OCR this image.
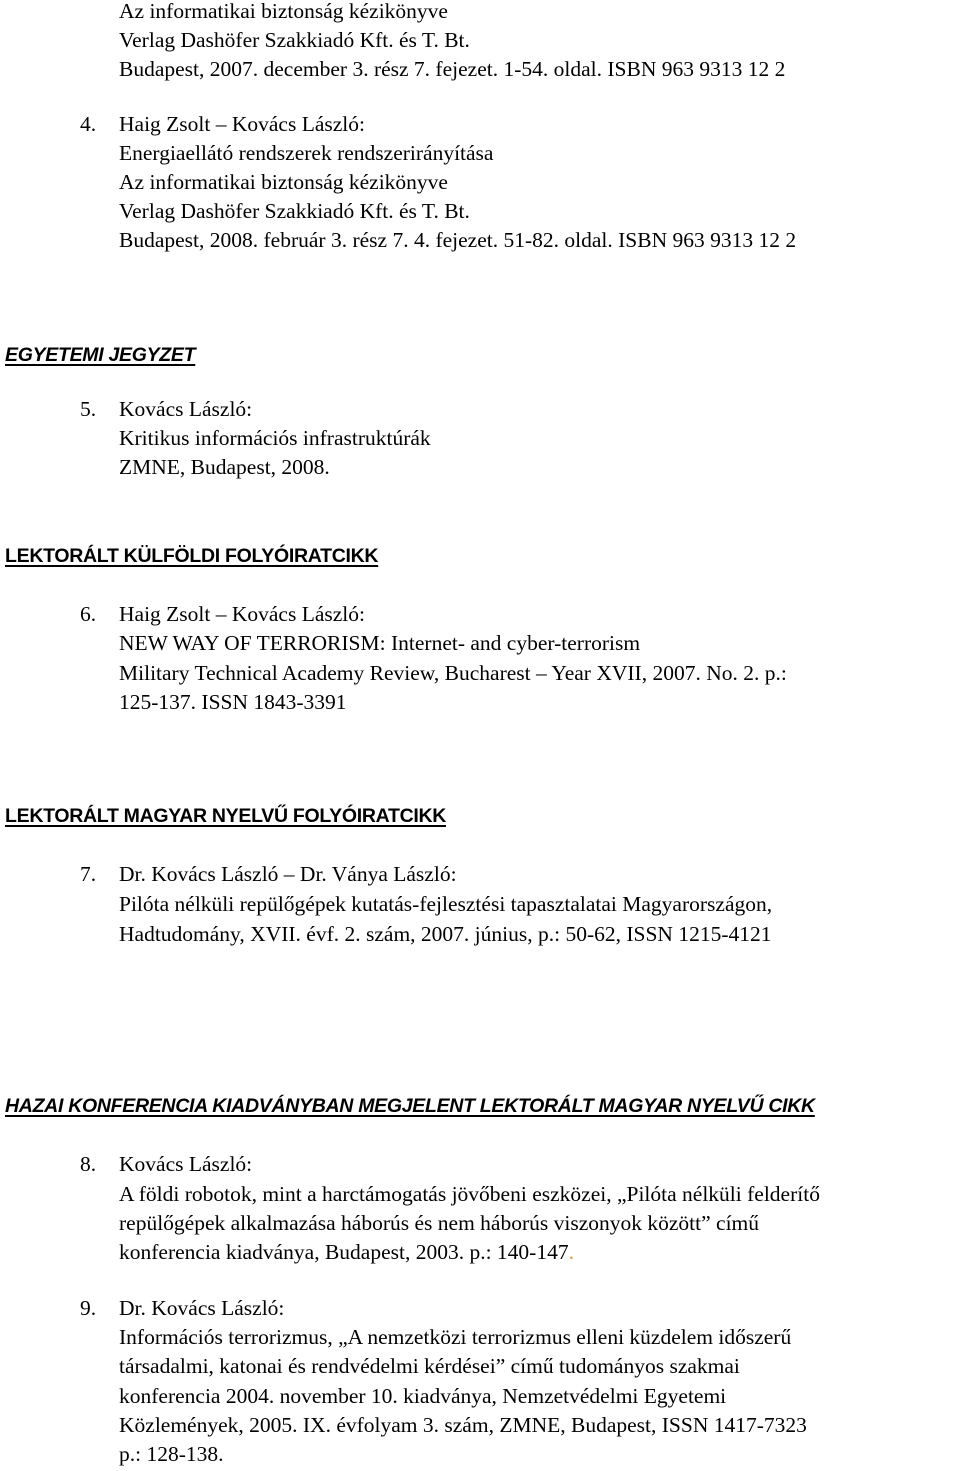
Az informatikai biztonság kézikönyve
Verlag Dashöfer Szakkiadó Kft. és T. Bt.
Budapest, 2007. december 3. rész 7. fejezet. 1-54. oldal. ISBN 963 9313 12 2
4. Haig Zsolt – Kovács László:
Energiaellátó rendszerek rendszerirányítása
Az informatikai biztonság kézikönyve
Verlag Dashöfer Szakkiadó Kft. és T. Bt.
Budapest, 2008. február 3. rész 7. 4. fejezet. 51-82. oldal. ISBN 963 9313 12 2
EGYETEMI JEGYZET
5. Kovács László:
Kritikus információs infrastruktúrák
ZMNE, Budapest, 2008.
LEKTORÁLT KÜLFÖLDI FOLYÓIRATCIKK
6. Haig Zsolt – Kovács László:
NEW WAY OF TERRORISM: Internet- and cyber-terrorism
Military Technical Academy Review, Bucharest – Year XVII, 2007. No. 2. p.:
125-137. ISSN 1843-3391
LEKTORÁLT MAGYAR NYELVŰ FOLYÓIRATCIKK
7. Dr. Kovács László – Dr. Ványa László:
Pilóta nélküli repülőgépek kutatás-fejlesztési tapasztalatai Magyarországon,
Hadtudomány, XVII. évf. 2. szám, 2007. június, p.: 50-62, ISSN 1215-4121
HAZAI KONFERENCIA KIADVÁNYBAN MEGJELENT LEKTORÁLT MAGYAR NYELVŰ CIKK
8. Kovács László:
A földi robotok, mint a harctámogatás jövőbeni eszközei, „Pilóta nélküli felderítő
repülőgépek alkalmazása háborús és nem háborús viszonyok között” című
konferencia kiadványa, Budapest, 2003. p.: 140-147.
9. Dr. Kovács László:
Információs terrorizmus, „A nemzetközi terrorizmus elleni küzdelem időszerű
társadalmi, katonai és rendvédelmi kérdései” című tudományos szakmai
konferencia 2004. november 10. kiadványa, Nemzetvédelmi Egyetemi
Közlemények, 2005. IX. évfolyam 3. szám, ZMNE, Budapest, ISSN 1417-7323
p.: 128-138.
